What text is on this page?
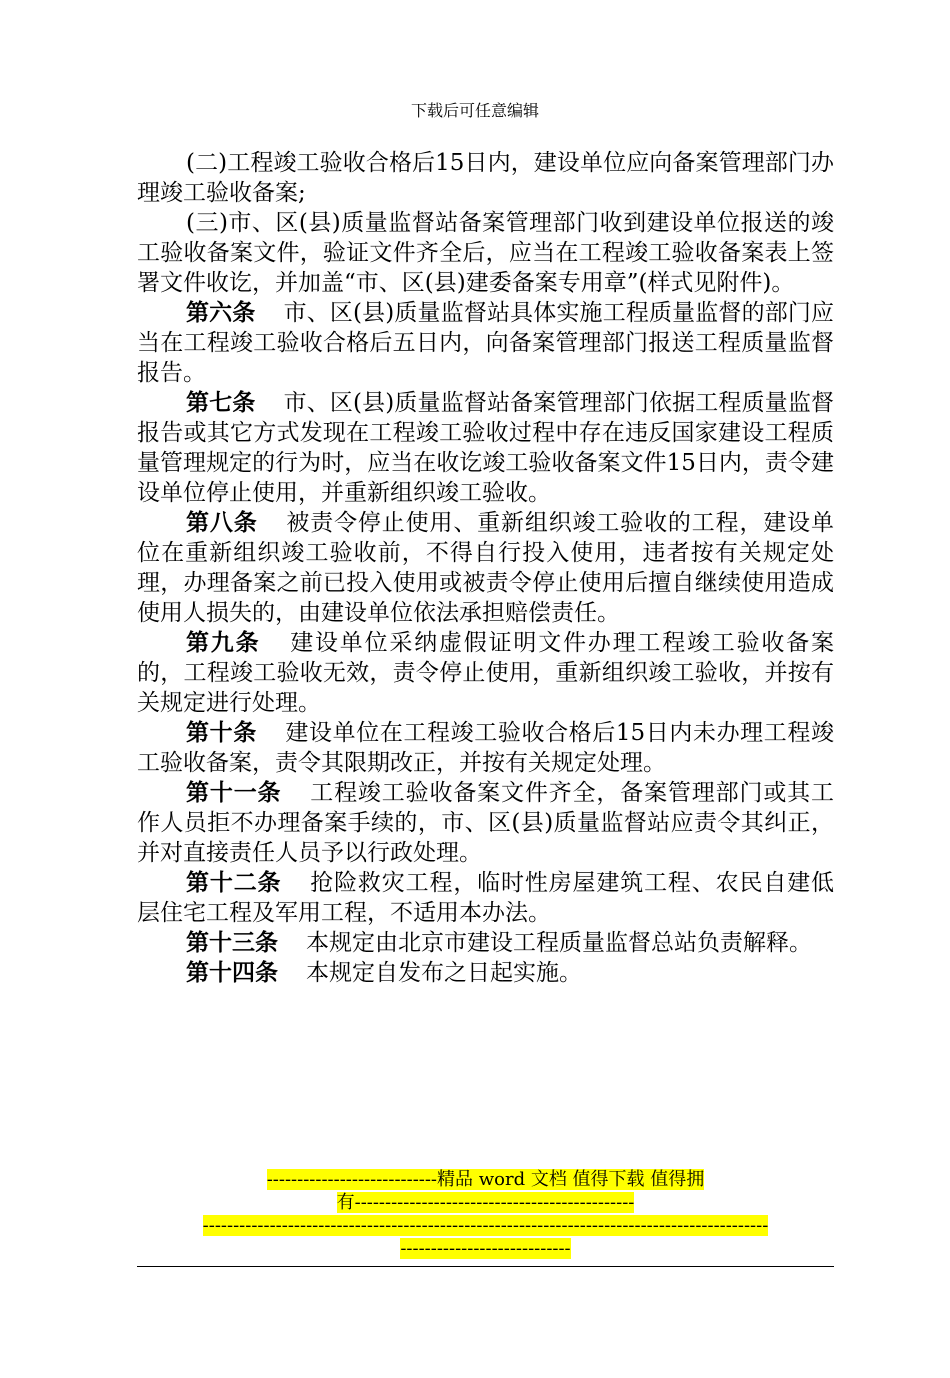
下载后可任意编辑

(二)工程竣工验收合格后15日内，建设单位应向备案管理部门办理竣工验收备案;

(三)市、区(县)质量监督站备案管理部门收到建设单位报送的竣工验收备案文件，验证文件齐全后，应当在工程竣工验收备案表上签署文件收讫，并加盖“市、区(县)建委备案专用章”(样式见附件)。

第六条 市、区(县)质量监督站具体实施工程质量监督的部门应当在工程竣工验收合格后五日内，向备案管理部门报送工程质量监督报告。

第七条 市、区(县)质量监督站备案管理部门依据工程质量监督报告或其它方式发现在工程竣工验收过程中存在违反国家建设工程质量管理规定的行为时，应当在收讫竣工验收备案文件15日内，责令建设单位停止使用，并重新组织竣工验收。

第八条 被责令停止使用、重新组织竣工验收的工程，建设单位在重新组织竣工验收前，不得自行投入使用，违者按有关规定处理，办理备案之前已投入使用或被责令停止使用后擅自继续使用造成使用人损失的，由建设单位依法承担赔偿责任。

第九条 建设单位采纳虚假证明文件办理工程竣工验收备案的，工程竣工验收无效，责令停止使用，重新组织竣工验收，并按有关规定进行处理。

第十条 建设单位在工程竣工验收合格后15日内未办理工程竣工验收备案，责令其限期改正，并按有关规定处理。

第十一条 工程竣工验收备案文件齐全，备案管理部门或其工作人员拒不办理备案手续的，市、区(县)质量监督站应责令其纠正，并对直接责任人员予以行政处理。

第十二条 抢险救灾工程，临时性房屋建筑工程、农民自建低层住宅工程及军用工程，不适用本办法。

第十三条 本规定由北京市建设工程质量监督总站负责解释。

第十四条 本规定自发布之日起实施。

----------------------------精品 word 文档 值得下载 值得拥
有----------------------------------------------
---------------------------------------------------------------------------------------------
----------------------------
